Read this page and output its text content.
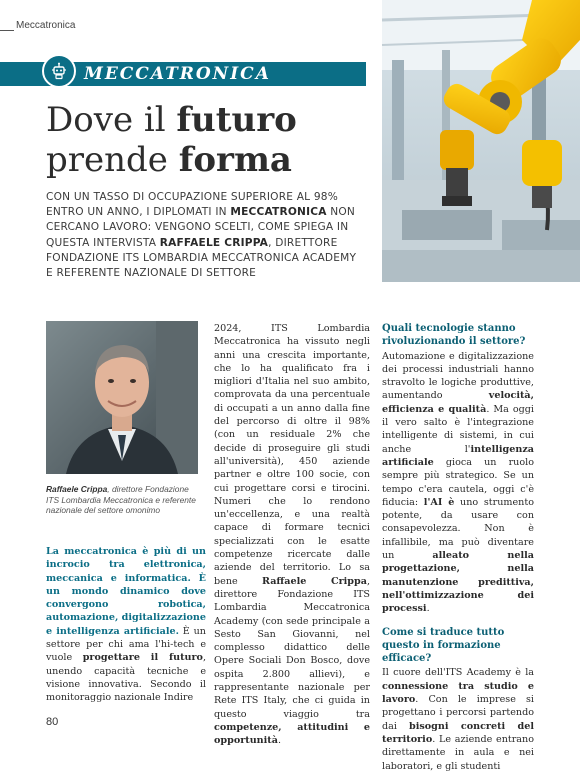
Meccatronica
MECCATRONICA
Dove il futuro
prende forma

CON UN TASSO DI OCCUPAZIONE SUPERIORE AL 98% ENTRO UN ANNO, I DIPLOMATI IN MECCATRONICA NON CERCANO LAVORO: VENGONO SCELTI, COME SPIEGA IN QUESTA INTERVISTA RAFFAELE CRIPPA, DIRETTORE FONDAZIONE ITS LOMBARDIA MECCATRONICA ACADEMY E REFERENTE NAZIONALE DI SETTORE

Raffaele Crippa, direttore Fondazione ITS Lombardia Meccatronica e referente nazionale del settore omonimo

La meccatronica è più di un incrocio tra elettronica, meccanica e informatica. È un mondo dinamico dove convergono robotica, automazione, digitalizzazione e intelligenza artificiale. È un settore per chi ama l'hi-tech e vuole progettare il futuro, unendo capacità tecniche e visione innovativa. Secondo il monitoraggio nazionale Indire

2024, ITS Lombardia Meccatronica ha vissuto negli anni una crescita importante, che lo ha qualificato fra i migliori d'Italia nel suo ambito, comprovata da una percentuale di occupati a un anno dalla fine del percorso di oltre il 98% (con un residuale 2% che decide di proseguire gli studi all'università), 450 aziende partner e oltre 100 socie, con cui progettare corsi e tirocini. Numeri che lo rendono un'eccellenza, e una realtà capace di formare tecnici specializzati con le esatte competenze ricercate dalle aziende del territorio. Lo sa bene Raffaele Crippa, direttore Fondazione ITS Lombardia Meccatronica Academy (con sede principale a Sesto San Giovanni, nel complesso didattico delle Opere Sociali Don Bosco, dove ospita 2.800 allievi), e rappresentante nazionale per Rete ITS Italy, che ci guida in questo viaggio tra competenze, attitudini e opportunità.

Quali tecnologie stanno rivoluzionando il settore?

Automazione e digitalizzazione dei processi industriali hanno stravolto le logiche produttive, aumentando velocità, efficienza e qualità. Ma oggi il vero salto è l'integrazione intelligente di sistemi, in cui anche l'intelligenza artificiale gioca un ruolo sempre più strategico. Se un tempo c'era cautela, oggi c'è fiducia: l'AI è uno strumento potente, da usare con consapevolezza. Non è infallibile, ma può diventare un alleato nella progettazione, nella manutenzione predittiva, nell'ottimizzazione dei processi.

Come si traduce tutto questo in formazione efficace?

Il cuore dell'ITS Academy è la connessione tra studio e lavoro. Con le imprese si progettano i percorsi partendo dai bisogni concreti del territorio. Le aziende entrano direttamente in aula e nei laboratori, e gli studenti

80
